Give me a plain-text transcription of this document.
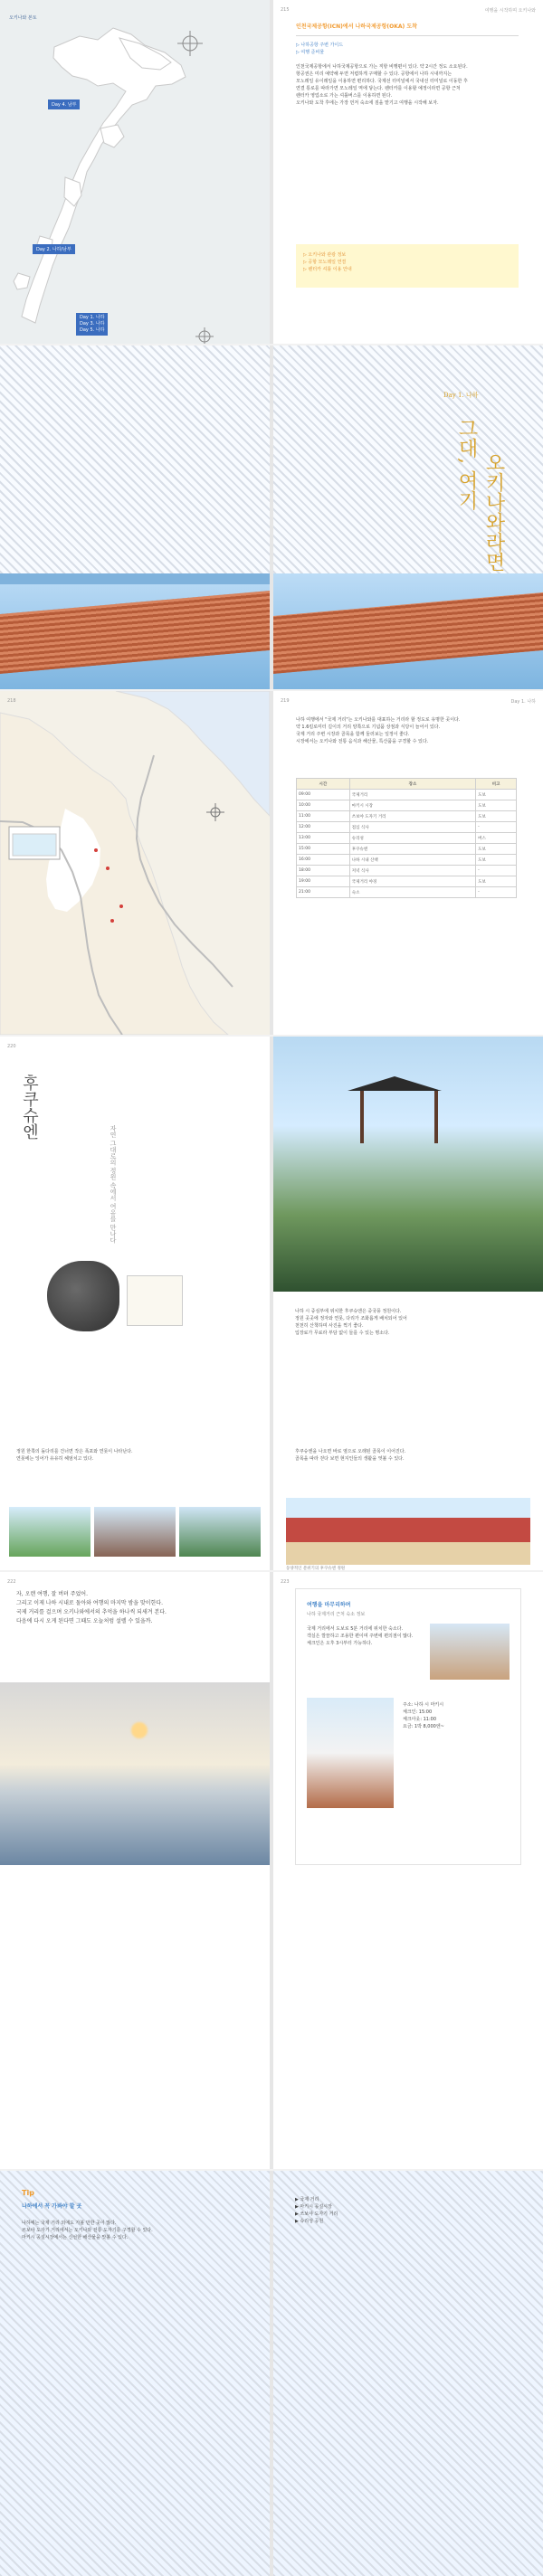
오키나와 본토
Day 4. 남부
Day 2. 나하/남부
Day 1. 나하
Day 3. 나하
Day 5. 나하
215	여행을 시작하며 오키나와
인천국제공항(ICN)에서 나하국제공항(OKA) 도착
▷ 나하공항 주변 가이드
▷ 여행 준비물
인천국제공항에서 나하국제공항으로 가는 직항 비행편이 있다. 약 2시간 정도 소요된다.
항공권은 미리 예약해 두면 저렴하게 구매할 수 있다. 공항에서 나하 시내까지는
모노레일 유이레일을 이용하면 편리하다. 국제선 터미널에서 국내선 터미널로 이동한 후
연결 통로를 따라가면 모노레일 역에 닿는다. 렌터카를 이용할 예정이라면 공항 근처
렌터카 영업소로 가는 셔틀버스를 이용하면 된다.
오키나와 도착 후에는 가장 먼저 숙소에 짐을 맡기고 여행을 시작해 보자.
▷ 오키나와 관광 정보
▷ 공항 모노레일 연결
▷ 렌터카 셔틀 이용 안내
Day 1. 나하
그대, 여기 오키나와라면
218	219	Day 1. 나하
나하 여행에서 "국제 거리"는 오키나와를 대표하는 거리라 할 정도로 유명한 곳이다.
약 1.6킬로미터 길이의 거리 양쪽으로 기념품 상점과 식당이 늘어서 있다.
국제 거리 주변 시장과 골목을 함께 둘러보는 일정이 좋다.
시장에서는 오키나와 전통 음식과 해산물, 특산품을 구경할 수 있다.
시간	장소	비고
09:00	국제거리	도보
10:00	마키시 시장	도보
11:00	쓰보야 도자기 거리	도보
12:00	점심 식사	-
13:00	슈리성	버스
15:00	후쿠슈엔	도보
16:00	나하 시내 산책	도보
18:00	저녁 식사	-
19:00	국제거리 야경	도보
21:00	숙소	-
220
후쿠슈엔
자연 그대로의 정원 속에서 여유를 만나다
정원 한쪽의 돌다리를 건너면 작은 폭포와 연못이 나타난다.
연못에는 잉어가 유유히 헤엄치고 있다.
나하 시 중심부에 위치한 후쿠슈엔은 중국풍 정원이다.
정원 곳곳에 정자와 연못, 다리가 조화롭게 배치되어 있어
천천히 산책하며 사진을 찍기 좋다.
입장료가 무료라 부담 없이 들를 수 있는 명소다.
후쿠슈엔을 나오면 바로 옆으로 오래된 골목이 이어진다.
골목을 따라 걷다 보면 현지인들의 생활을 엿볼 수 있다.
동양적인 분위기의 후쿠슈엔 정원
222
자, 오랜 여행, 잘 버텨 주었어.
그리고 이제 나하 시내로 돌아와 여행의 마지막 밤을 맞이한다.
국제 거리를 걸으며 오키나와에서의 추억을 하나씩 되새겨 본다.
다음에 다시 오게 된다면 그때도 오늘처럼 설렐 수 있을까.
223
여행을 마무리하며
나하 국제거리 근처 숙소 정보
국제 거리에서 도보로 5분 거리에 위치한 숙소다.
객실은 깔끔하고 조용한 편이며 주변에 편의점이 많다.
체크인은 오후 3시부터 가능하다.
주소: 나하 시 마키시
체크인: 15:00
체크아웃: 11:00
요금: 1박 8,000엔~
Tip
나하에서 꼭 가봐야 할 곳
나하에는 국제 거리 외에도 가볼 만한 곳이 많다.
쓰보야 도자기 거리에서는 오키나와 전통 도자기를 구경할 수 있다.
마키시 공설시장에서는 신선한 해산물을 맛볼 수 있다.
▶ 국제 거리
▶ 마키시 공설시장
▶ 쓰보야 도자기 거리
▶ 슈리성 공원
